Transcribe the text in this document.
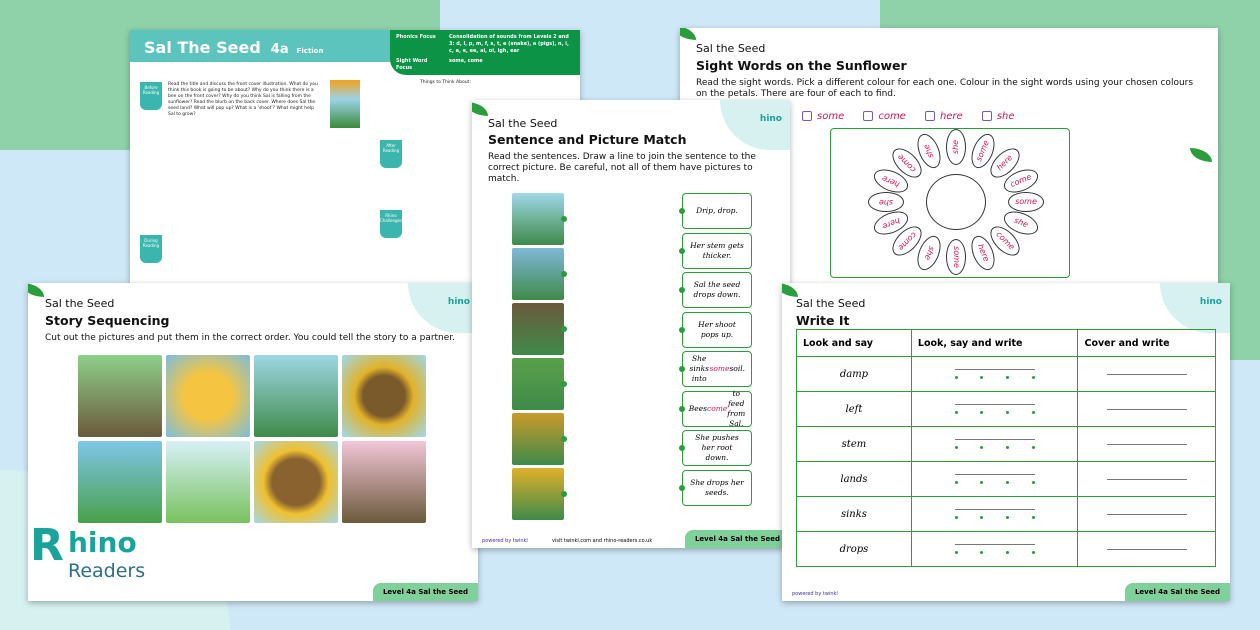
Sal The Seed 4a Fiction
Phonics Focus	Consolidation of sounds from Levels 2 and 3: d, l, p, m, f, s, t, e (snake), a (pigs), n, i, c, a, e, ee, ai, oi, igh, ear
Sight Word Focus
some, come
Before Reading
During Reading
After Reading
Rhino Challenges
Read the title and discuss the front cover illustration. What do you think this book is going to be about? Why do you think there is a bee on the front cover? Why do you think Sal is falling from the sunflower? Read the blurb on the back cover. Where does Sal the seed land? What will pop up? What is a 'shoot'? What might help Sal to grow?
Things to Think About:
Sal the Seed
Sight Words on the Sunflower
Read the sight words. Pick a different colour for each one. Colour in the sight words using your chosen colours on the petals. There are four of each to find.
some
	come
	here
	she
she	some here
come
some
she
come
here
some
she
come
here
she
here
come
she
hino
Sal the Seed
Story Sequencing
Cut out the pictures and put them in the correct order. You could tell the story to a partner.
Level 4a Sal the Seed
hino
Sal the Seed
Sentence and Picture Match
Read the sentences. Draw a line to join the sentence to the correct picture. Be careful, not all of them have pictures to match.
Drip, drop.
Her stem gets thicker.
Sal the seed drops down.
Her shoot pops up.
She sinks into
some soil.
Bees come
to feed from Sal.
She pushes her root down.
She drops her seeds.
powered by twinkl	visit twinkl.com and rhino-readers.co.uk	Level 4a Sal the Seed
hino
Sal the Seed
Write It
Look and say	Look, say and write	Cover and write
damp	

left	

stem	

lands	

sinks	

drops	

powered by twinkl	Level 4a Sal the Seed
R hino
Readers
